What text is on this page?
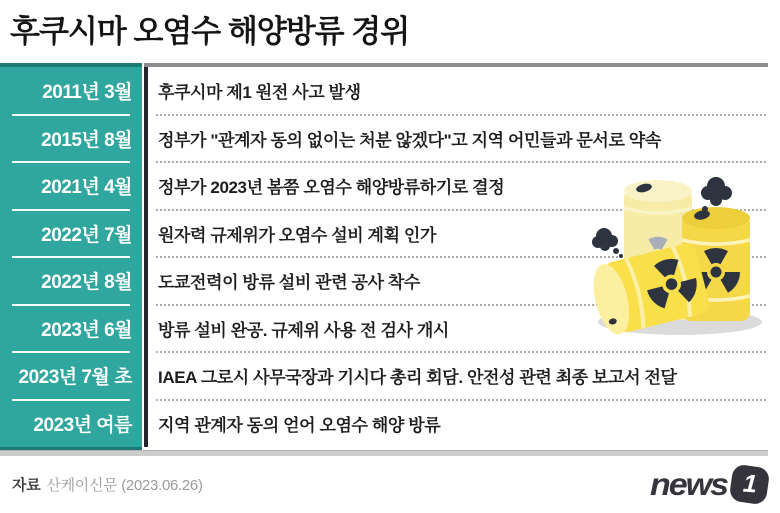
후쿠시마 오염수 해양방류 경위
2011년 3월	후쿠시마 제1 원전 사고 발생
2015년 8월	정부가 "관계자 동의 없이는 처분 않겠다"고 지역 어민들과 문서로 약속
2021년 4월	정부가 2023년 봄쯤 오염수 해양방류하기로 결정
2022년 7월	원자력 규제위가 오염수 설비 계획 인가
2022년 8월	도쿄전력이 방류 설비 관련 공사 착수
2023년 6월	방류 설비 완공. 규제위 사용 전 검사 개시
2023년 7월 초	IAEA 그로시 사무국장과 기시다 총리 회담. 안전성 관련 최종 보고서 전달
2023년 여름	지역 관계자 동의 얻어 오염수 해양 방류
자료 산케이신문 (2023.06.26)	news 1
